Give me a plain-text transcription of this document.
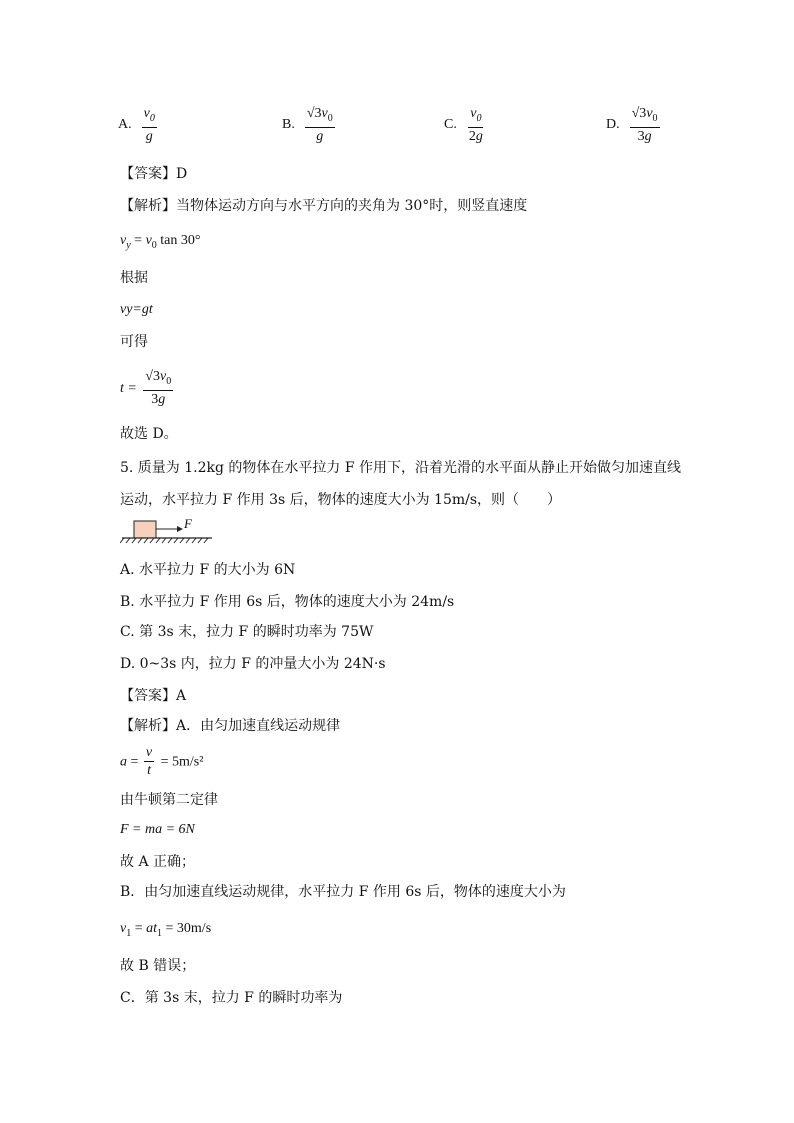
A. $\frac{v_0}{g}$	B. $\frac{√3v_0}{g}$	C. $\frac{v_0}{2g}$	D. $\frac{√3v_0}{3g}$
【答案】D
【解析】当物体运动方向与水平方向的夹角为 30°时，则竖直速度
$v_y = v_0$ tan 30°
根据
vy=gt
可得
$t = \frac{√3v_0}{3g}$
故选 D。
5. 质量为 1.2kg 的物体在水平拉力 F 作用下，沿着光滑的水平面从静止开始做匀加速直线
运动，水平拉力 F 作用 3s 后，物体的速度大小为 15m/s，则（　　）
F
A. 水平拉力 F 的大小为 6N
B. 水平拉力 F 作用 6s 后，物体的速度大小为 24m/s
C. 第 3s 末，拉力 F 的瞬时功率为 75W
D. 0~3s 内，拉力 F 的冲量大小为 24N·s
【答案】A
【解析】A．由匀加速直线运动规律
$a = \frac{v}{t} = 5m/s^2$
由牛顿第二定律
F = ma = 6N
故 A 正确；
B．由匀加速直线运动规律，水平拉力 F 作用 6s 后，物体的速度大小为
$v_1 = at_1 = 30m/s$
故 B 错误；
C．第 3s 末，拉力 F 的瞬时功率为
